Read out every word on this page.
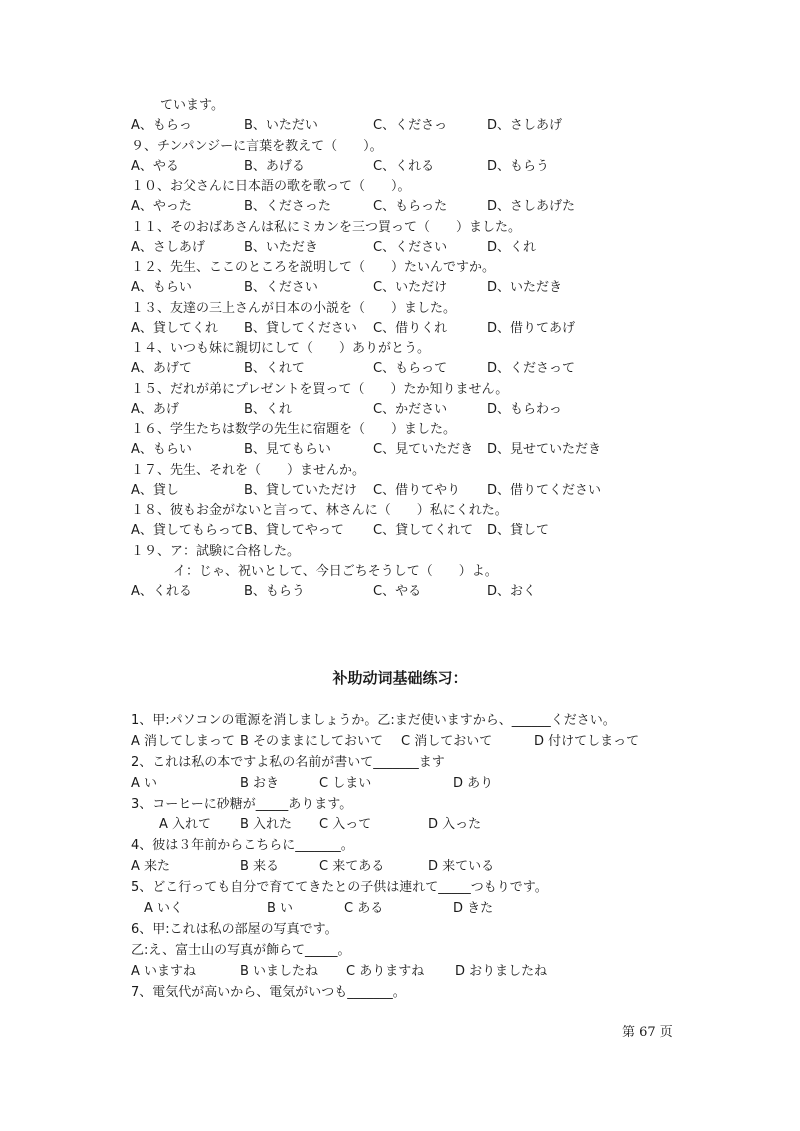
ています。
A、もらっ	B、いただい	C、くださっ	D、さしあげ
９、チンパンジーに言葉を教えて（　　）。
A、やる	B、あげる	C、くれる	D、もらう
１０、お父さんに日本語の歌を歌って（　　）。
A、やった	B、くださった	C、もらった	D、さしあげた
１１、そのおばあさんは私にミカンを三つ買って（　　）ました。
A、さしあげ	B、いただき	C、ください	D、くれ
１２、先生、ここのところを説明して（　　）たいんですか。
A、もらい	B、ください	C、いただけ	D、いただき
１３、友達の三上さんが日本の小説を（　　）ました。
A、貸してくれ B、貸してください C、借りくれ	D、借りてあげ
１４、いつも妹に親切にして（　　）ありがとう。
A、あげて	B、くれて	C、もらって	D、くださって
１５、だれが弟にプレゼントを買って（　　）たか知りません。
A、あげ	B、くれ	C、かださい	D、もらわっ
１６、学生たちは数学の先生に宿題を（　　）ました。
A、もらい	B、見てもらい	C、見ていただき D、見せていただき
１７、先生、それを（　　）ませんか。
A、貸し	B、貸していただけ C、借りてやり D、借りてください
１８、彼もお金がないと言って、林さんに（　　）私にくれた。
A、貸してもらって B、貸してやって C、貸してくれて D、貸して
１９、ア：試験に合格した。
イ：じゃ、祝いとして、今日ごちそうして（　　）よ。
A、くれる	B、もらう	C、やる	D、おく
补助动词基础练习：
1、甲:パソコンの電源を消しましょうか。乙:まだ使いますから、______ください。
A 消してしまって B そのままにしておいて C 消しておいて	D 付けてしまって
2、これは私の本ですよ私の名前が書いて_______ます
A い	B おき	C しまい	D あり
3、コーヒーに砂糖が_____あります。
A 入れて B 入れた C 入って	D 入った
4、彼は３年前からこちらに_______。
A 来た	B 来る	C 来てある	D 来ている
5、どこ行っても自分で育ててきたとの子供は連れて_____つもりです。
A いく	B い	C ある	D きた
6、甲:これは私の部屋の写真です。
乙:え、富士山の写真が飾らて_____。
A いますね	B いましたね C ありますね D おりましたね
7、電気代が高いから、電気がいつも_______。
第 67 页
